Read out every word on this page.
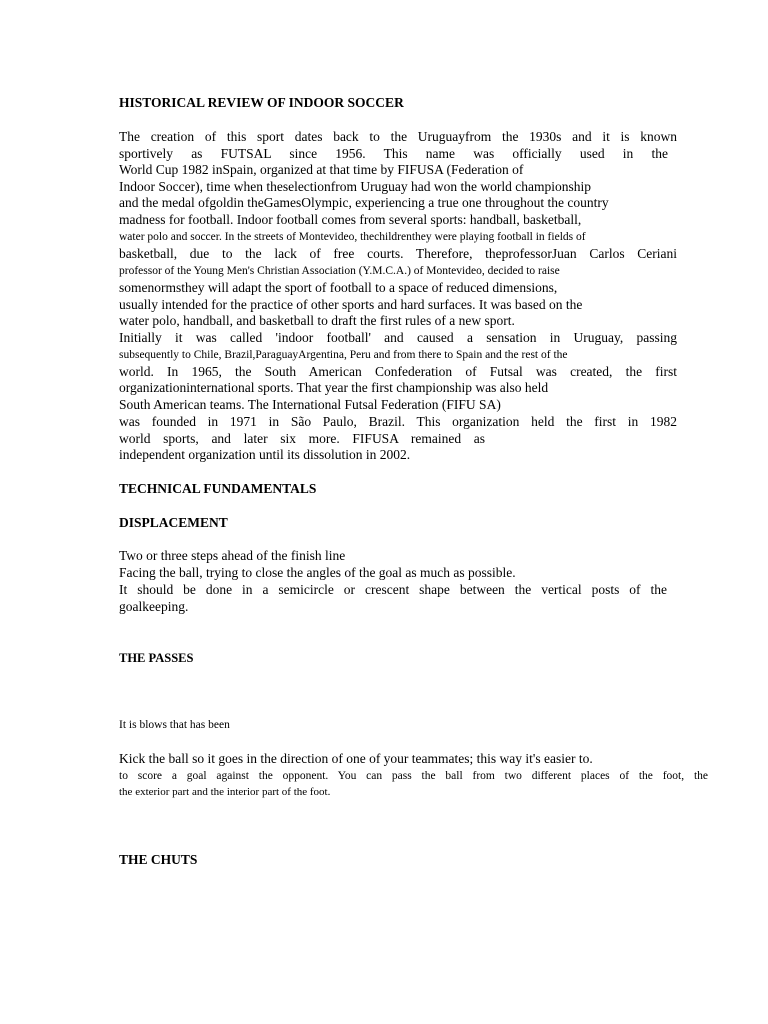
HISTORICAL REVIEW OF INDOOR SOCCER
The creation of this sport dates back to the Uruguayfrom the 1930s and it is known
sportively as FUTSAL since 1956. This name was officially used in the
World Cup 1982 inSpain, organized at that time by FIFUSA (Federation of
Indoor Soccer), time when theselectionfrom Uruguay had won the world championship
and the medal ofgoldin theGamesOlympic, experiencing a true one throughout the country
madness for football. Indoor football comes from several sports: handball, basketball,
water polo and soccer. In the streets of Montevideo, thechildrenthey were playing football in fields of
basketball, due to the lack of free courts. Therefore, theprofessorJuan Carlos Ceriani
professor of the Young Men's Christian Association (Y.M.C.A.) of Montevideo, decided to raise
somenormsthey will adapt the sport of football to a space of reduced dimensions,
usually intended for the practice of other sports and hard surfaces. It was based on the
water polo, handball, and basketball to draft the first rules of a new sport.
Initially it was called 'indoor football' and caused a sensation in Uruguay, passing
subsequently to Chile, Brazil,ParaguayArgentina, Peru and from there to Spain and the rest of the
world. In 1965, the South American Confederation of Futsal was created, the first
organizationinternational sports. That year the first championship was also held
South American teams. The International Futsal Federation (FIFU SA)
was founded in 1971 in São Paulo, Brazil. This organization held the first in 1982
world sports, and later six more. FIFUSA remained as
independent organization until its dissolution in 2002.
TECHNICAL FUNDAMENTALS
DISPLACEMENT
Two or three steps ahead of the finish line
Facing the ball, trying to close the angles of the goal as much as possible.
It should be done in a semicircle or crescent shape between the vertical posts of the
goalkeeping.
THE PASSES
It is blows that has been
Kick the ball so it goes in the direction of one of your teammates; this way it's easier to.
to score a goal against the opponent. You can pass the ball from two different places of the foot, the
the exterior part and the interior part of the foot.
THE CHUTS
